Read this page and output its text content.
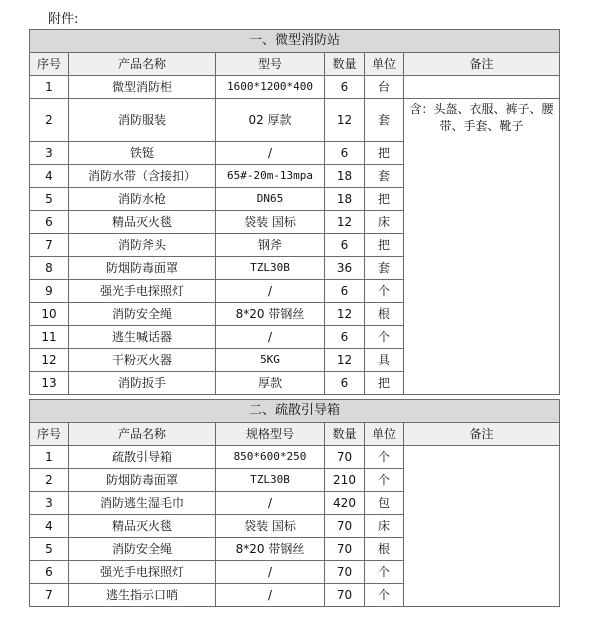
附件:
一、微型消防站					
序号	产品名称	型号	数量	单位	备注
1	微型消防柜	1600*1200*400	6	台	
2	消防服装	02 厚款	12	套	含：头盔、衣服、裤子、腰带、手套、靴子
3	铁铤	/	6	把	
4	消防水带（含接扣）	65#-20m-13mpa	18	套	
5	消防水枪	DN65	18	把	
6	精品灭火毯	袋装 国标	12	床	
7	消防斧头	钢斧	6	把	
8	防烟防毒面罩	TZL30B	36	套	
9	强光手电探照灯	/	6	个	
10	消防安全绳	8*20 带钢丝	12	根	
11	逃生喊话器	/	6	个	
12	干粉灭火器	5KG	12	具	
13	消防扳手	厚款	6	把	
二、疏散引导箱					
序号	产品名称	规格型号	数量	单位	备注
1	疏散引导箱	850*600*250	70	个	
2	防烟防毒面罩	TZL30B	210	个	
3	消防逃生湿毛巾	/	420	包	
4	精品灭火毯	袋装 国标	70	床	
5	消防安全绳	8*20 带钢丝	70	根	
6	强光手电探照灯	/	70	个	
7	逃生指示口哨	/	70	个	
